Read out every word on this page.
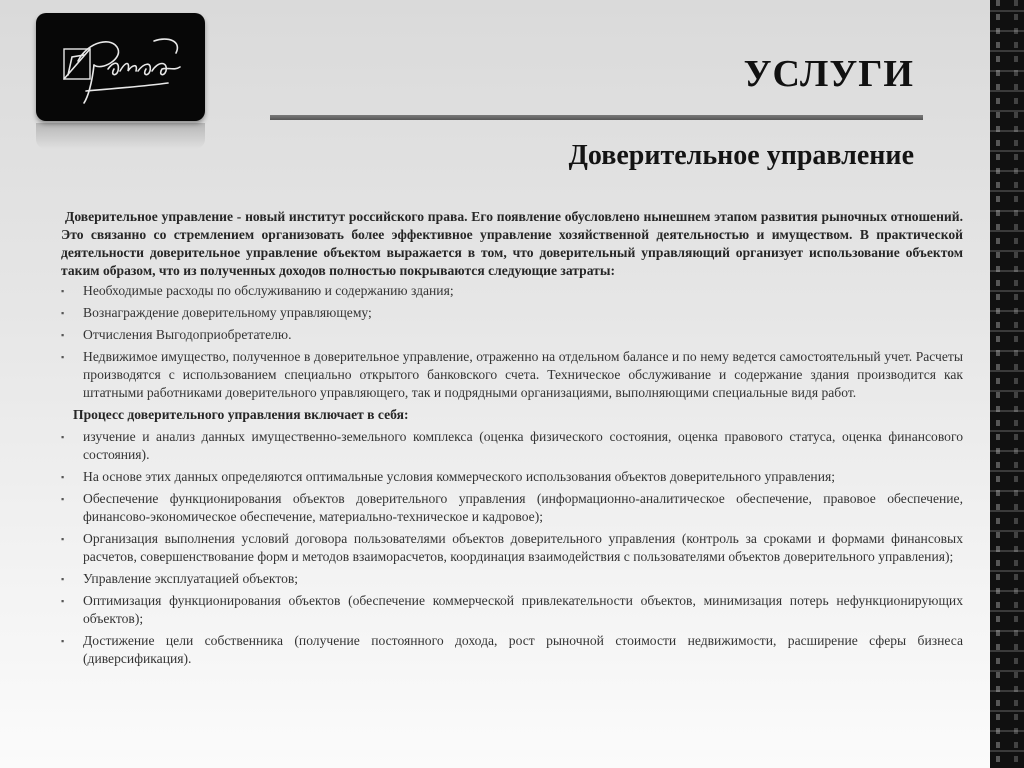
УСЛУГИ
Доверительное управление

Доверительное управление - новый институт российского права. Его появление обусловлено нынешнем этапом развития рыночных отношений. Это связанно со стремлением организовать более эффективное управление хозяйственной деятельностью и имуществом. В практической деятельности доверительное управление объектом выражается в том, что доверительный управляющий организует использование объектом таким образом, что из полученных доходов полностью покрываются следующие затраты:

▪ Необходимые расходы по обслуживанию и содержанию здания;
▪ Вознаграждение доверительному управляющему;
▪ Отчисления Выгодоприобретателю.
▪ Недвижимое имущество, полученное в доверительное управление, отраженно на отдельном балансе и по нему ведется самостоятельный учет. Расчеты производятся с использованием специально открытого банковского счета. Техническое обслуживание и содержание здания производится как штатными работниками доверительного управляющего, так и подрядными организациями, выполняющими специальные видя работ.

Процесс доверительного управления включает в себя:

▪ изучение и анализ данных имущественно-земельного комплекса (оценка физического состояния, оценка правового статуса, оценка финансового состояния).
▪ На основе этих данных определяются оптимальные условия коммерческого использования объектов доверительного управления;
▪ Обеспечение функционирования объектов доверительного управления (информационно-аналитическое обеспечение, правовое обеспечение, финансово-экономическое обеспечение, материально-техническое и кадровое);
▪ Организация выполнения условий договора пользователями объектов доверительного управления (контроль за сроками и формами финансовых расчетов, совершенствование форм и методов взаиморасчетов, координация взаимодействия с пользователями объектов доверительного управления);
▪ Управление эксплуатацией объектов;
▪ Оптимизация функционирования объектов (обеспечение коммерческой привлекательности объектов, минимизация потерь нефункционирующих объектов);
▪ Достижение цели собственника (получение постоянного дохода, рост рыночной стоимости недвижимости, расширение сферы бизнеса (диверсификация).
